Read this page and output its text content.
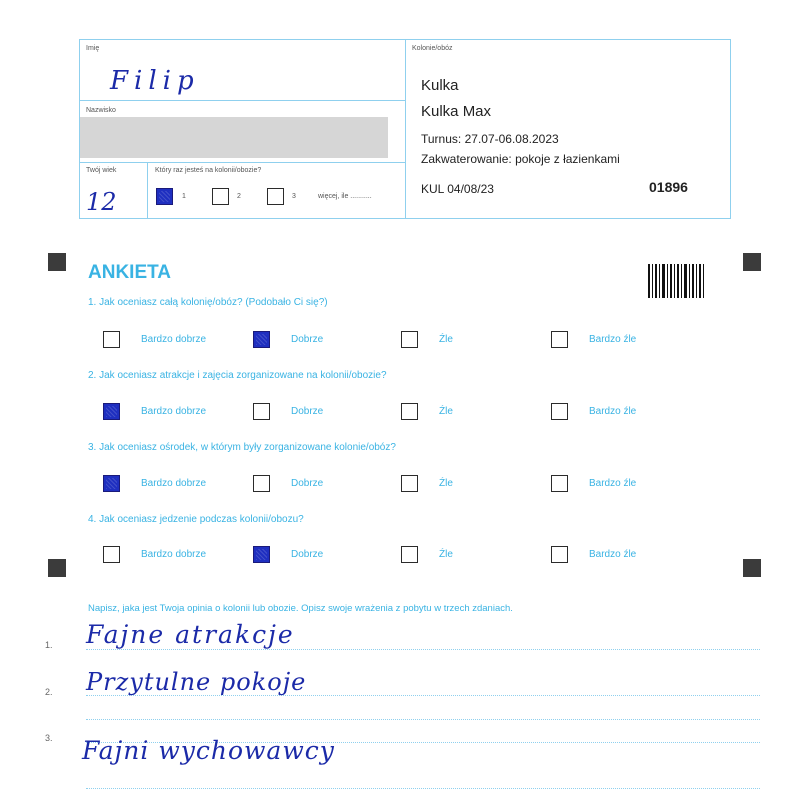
Imię
Filip
Nazwisko
Twój wiek
12
Który raz jesteś na kolonii/obozie?
1	2	3	więcej, ile ...........
Kolonie/obóz
Kulka
Kulka Max
Turnus: 27.07-06.08.2023
Zakwaterowanie: pokoje z łazienkami
KUL 04/08/23	01896
ANKIETA
1. Jak oceniasz całą kolonię/obóz? (Podobało Ci się?)
Bardzo dobrze	Dobrze	Źle	Bardzo źle
2. Jak oceniasz atrakcje i zajęcia zorganizowane na kolonii/obozie?
Bardzo dobrze	Dobrze	Źle	Bardzo źle
3. Jak oceniasz ośrodek, w którym były zorganizowane kolonie/obóz?
Bardzo dobrze	Dobrze	Źle	Bardzo źle
4. Jak oceniasz jedzenie podczas kolonii/obozu?
Bardzo dobrze	Dobrze	Źle	Bardzo źle
Napisz, jaka jest Twoja opinia o kolonii lub obozie. Opisz swoje wrażenia z pobytu w trzech zdaniach.
1. Fajne atrakcje
2. Przytulne pokoje
3. Fajni wychowawcy
